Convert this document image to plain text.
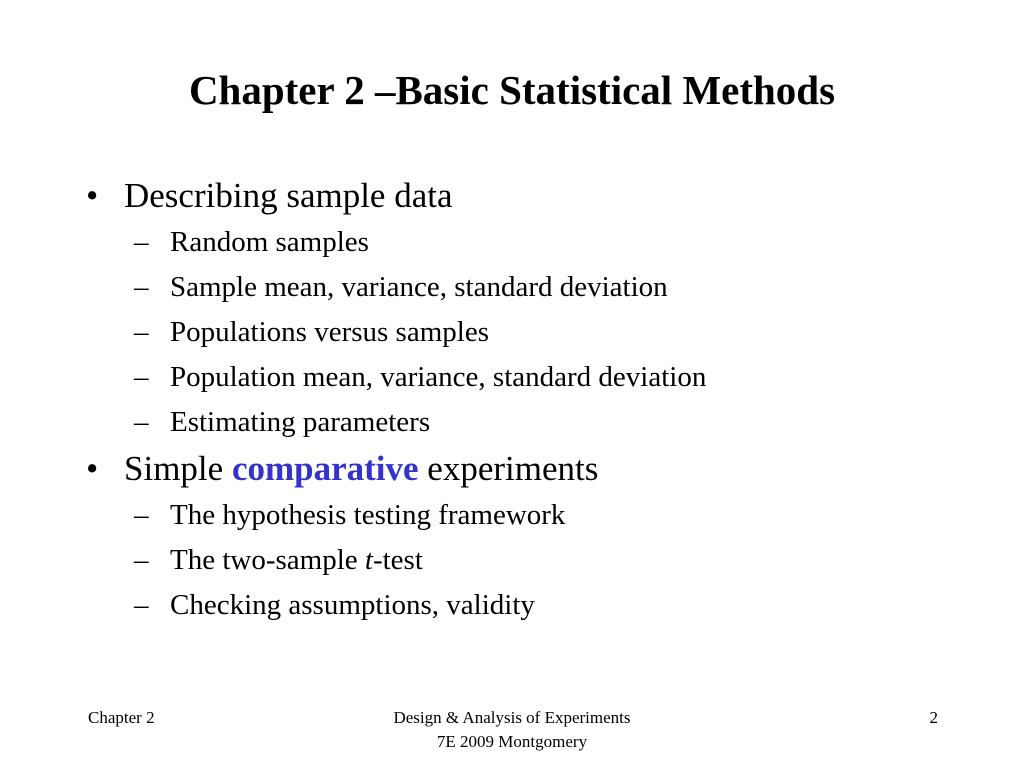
Chapter 2 –Basic Statistical Methods
• Describing sample data
– Random samples
– Sample mean, variance, standard deviation
– Populations versus samples
– Population mean, variance, standard deviation
– Estimating parameters
• Simple comparative experiments
– The hypothesis testing framework
– The two-sample t-test
– Checking assumptions, validity
Chapter 2	Design & Analysis of Experiments
7E 2009 Montgomery
2
